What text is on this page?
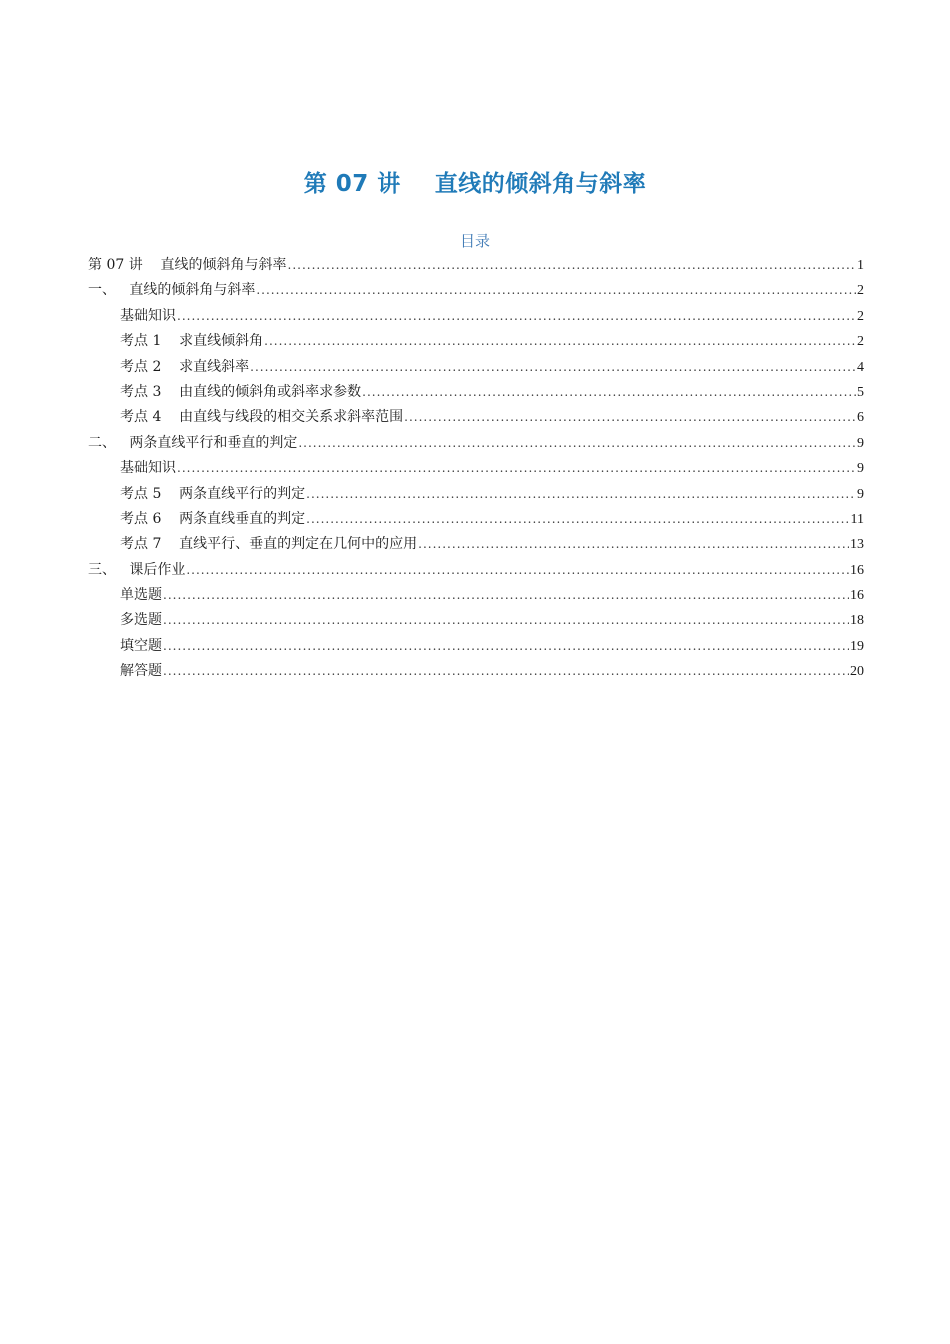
第 07 讲    直线的倾斜角与斜率
目录
第 07 讲    直线的倾斜角与斜率 .....	1
一、   直线的倾斜角与斜率 .....	2
基础知识 .....	2
考点 1    求直线倾斜角 .....	2
考点 2    求直线斜率 .....	4
考点 3    由直线的倾斜角或斜率求参数 .....	5
考点 4    由直线与线段的相交关系求斜率范围 .....	6
二、   两条直线平行和垂直的判定 .....	9
基础知识 .....	9
考点 5    两条直线平行的判定 .....	9
考点 6    两条直线垂直的判定 .....	11
考点 7    直线平行、垂直的判定在几何中的应用 .....	13
三、   课后作业 .....	16
单选题 .....	16
多选题 .....	18
填空题 .....	19
解答题 .....	20
